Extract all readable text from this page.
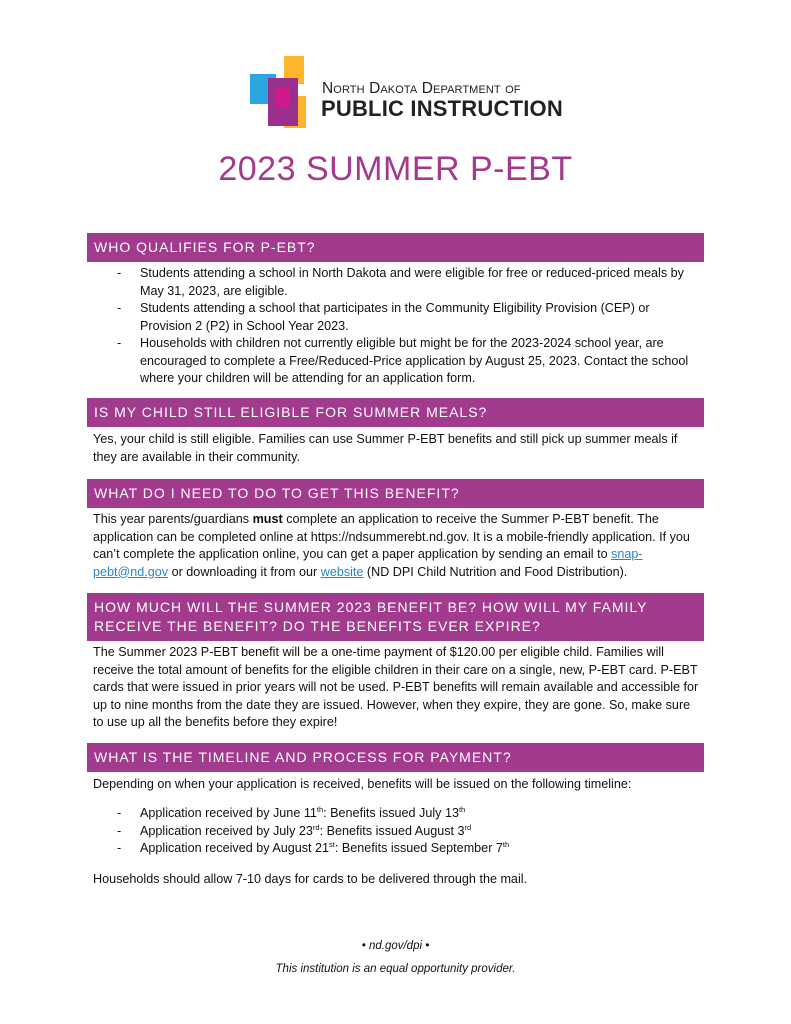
North Dakota Department of
PUBLIC INSTRUCTION
2023 SUMMER P-EBT
WHO QUALIFIES FOR P-EBT?
- Students attending a school in North Dakota and were eligible for free or reduced-priced meals by May 31, 2023, are eligible.
- Students attending a school that participates in the Community Eligibility Provision (CEP) or Provision 2 (P2) in School Year 2023.
- Households with children not currently eligible but might be for the 2023-2024 school year, are encouraged to complete a Free/Reduced-Price application by August 25, 2023. Contact the school where your children will be attending for an application form.
IS MY CHILD STILL ELIGIBLE FOR SUMMER MEALS?
Yes, your child is still eligible. Families can use Summer P-EBT benefits and still pick up summer meals if they are available in their community.
WHAT DO I NEED TO DO TO GET THIS BENEFIT?
This year parents/guardians must complete an application to receive the Summer P-EBT benefit. The application can be completed online at https://ndsummerebt.nd.gov. It is a mobile-friendly application. If you can’t complete the application online, you can get a paper application by sending an email to snap-pebt@nd.gov or downloading it from our website (ND DPI Child Nutrition and Food Distribution).
HOW MUCH WILL THE SUMMER 2023 BENEFIT BE? HOW WILL MY FAMILY RECEIVE THE BENEFIT? DO THE BENEFITS EVER EXPIRE?
The Summer 2023 P-EBT benefit will be a one-time payment of $120.00 per eligible child. Families will receive the total amount of benefits for the eligible children in their care on a single, new, P-EBT card. P-EBT cards that were issued in prior years will not be used. P-EBT benefits will remain available and accessible for up to nine months from the date they are issued. However, when they expire, they are gone. So, make sure to use up all the benefits before they expire!
WHAT IS THE TIMELINE AND PROCESS FOR PAYMENT?
Depending on when your application is received, benefits will be issued on the following timeline:
- Application received by June 11th: Benefits issued July 13th
- Application received by July 23rd: Benefits issued August 3rd
- Application received by August 21st: Benefits issued September 7th
Households should allow 7-10 days for cards to be delivered through the mail.
• nd.gov/dpi •
This institution is an equal opportunity provider.
